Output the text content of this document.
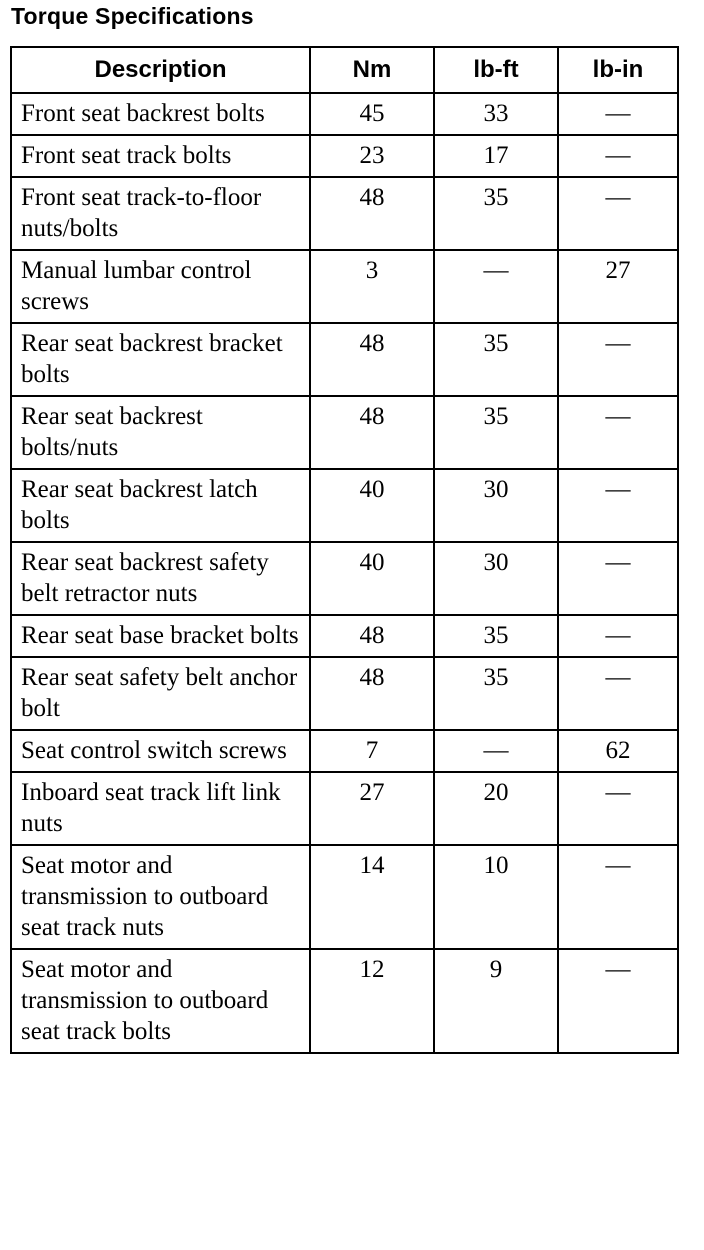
Torque Specifications
Description	Nm	lb-ft	lb-in
Front seat backrest bolts	45	33	—
Front seat track bolts	23	17	—
Front seat track-to-floor nuts/bolts	48	35	—
Manual lumbar control screws	3	—	27
Rear seat backrest bracket bolts	48	35	—
Rear seat backrest bolts/nuts	48	35	—
Rear seat backrest latch bolts	40	30	—
Rear seat backrest safety belt retractor nuts	40	30	—
Rear seat base bracket bolts	48	35	—
Rear seat safety belt anchor bolt	48	35	—
Seat control switch screws	7	—	62
Inboard seat track lift link nuts	27	20	—
Seat motor and transmission to outboard seat track nuts	14	10	—
Seat motor and transmission to outboard seat track bolts	12	9	—
